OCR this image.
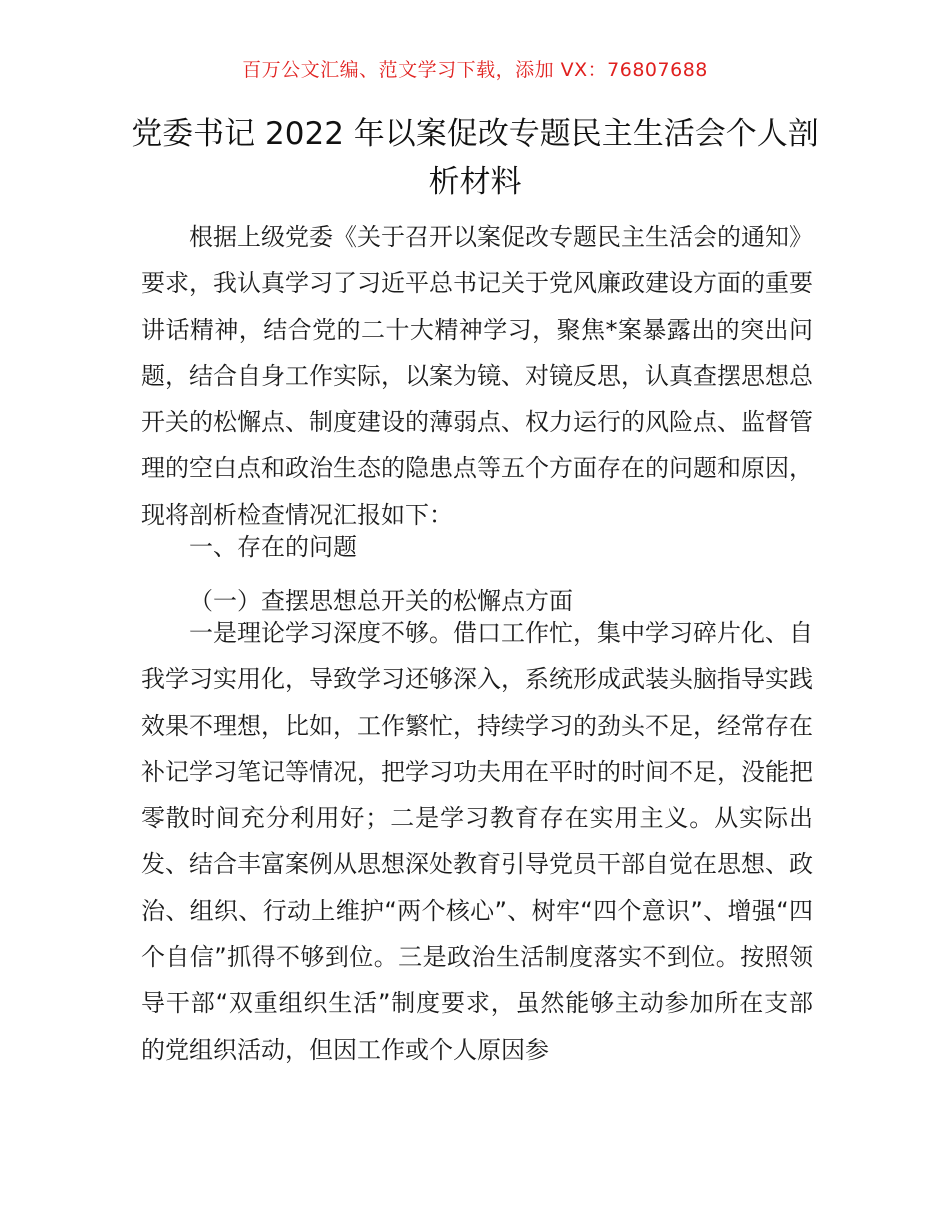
百万公文汇编、范文学习下载，添加 VX：76807688
党委书记 2022 年以案促改专题民主生活会个人剖析材料

根据上级党委《关于召开以案促改专题民主生活会的通知》要求，我认真学习了习近平总书记关于党风廉政建设方面的重要讲话精神，结合党的二十大精神学习，聚焦*案暴露出的突出问题，结合自身工作实际，以案为镜、对镜反思，认真查摆思想总开关的松懈点、制度建设的薄弱点、权力运行的风险点、监督管理的空白点和政治生态的隐患点等五个方面存在的问题和原因，现将剖析检查情况汇报如下：

一、存在的问题

（一）查摆思想总开关的松懈点方面

一是理论学习深度不够。借口工作忙，集中学习碎片化、自我学习实用化，导致学习还够深入，系统形成武装头脑指导实践效果不理想，比如，工作繁忙，持续学习的劲头不足，经常存在补记学习笔记等情况，把学习功夫用在平时的时间不足，没能把零散时间充分利用好；二是学习教育存在实用主义。从实际出发、结合丰富案例从思想深处教育引导党员干部自觉在思想、政治、组织、行动上维护“两个核心”、树牢“四个意识”、增强“四个自信”抓得不够到位。三是政治生活制度落实不到位。按照领导干部“双重组织生活”制度要求，虽然能够主动参加所在支部的党组织活动，但因工作或个人原因参
